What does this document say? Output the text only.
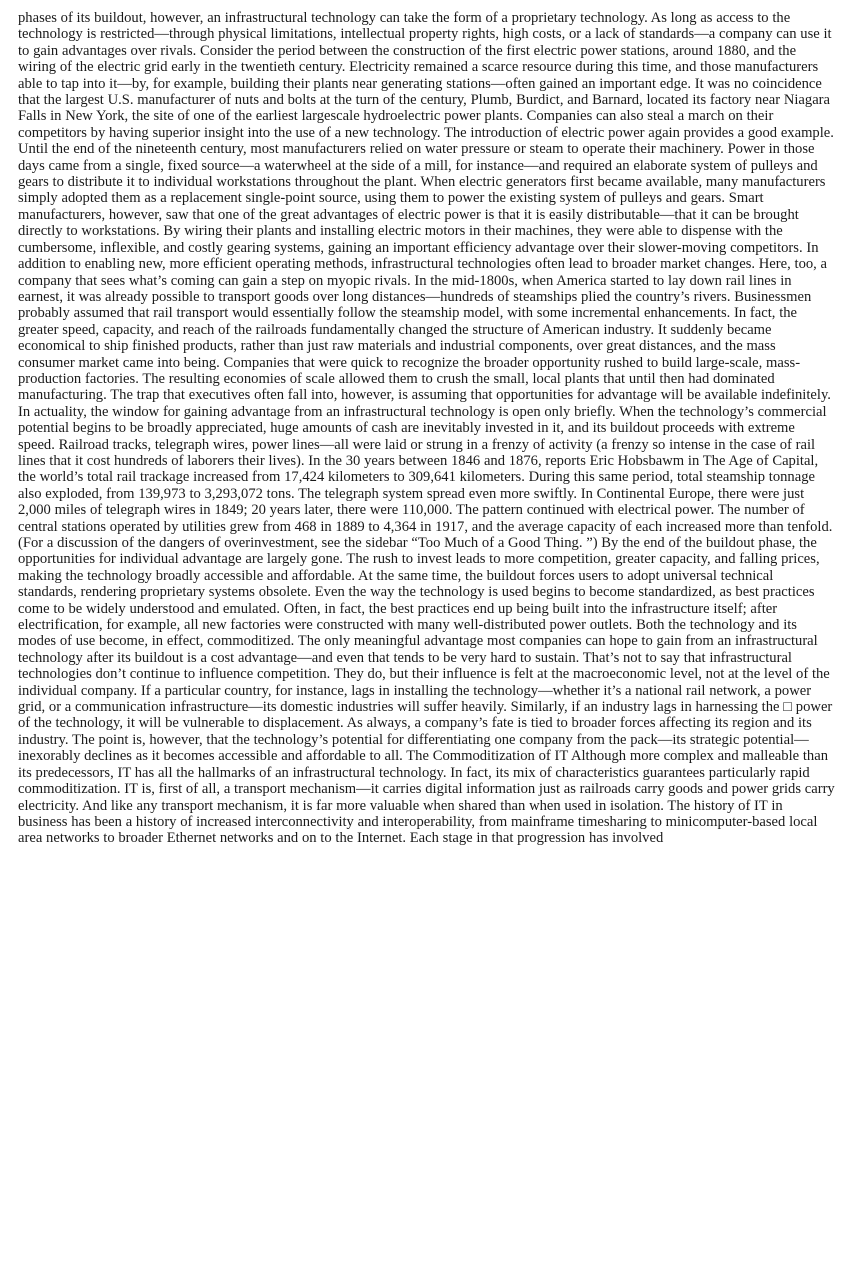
phases of its buildout, however, an infrastructural technology can take the form of a proprietary technology. As long as access to the technology is restricted—through physical limitations, intellectual property rights, high costs, or a lack of standards—a company can use it to gain advantages over rivals. Consider the period between the construction of the first electric power stations, around 1880, and the wiring of the electric grid early in the twentieth century. Electricity remained a scarce resource during this time, and those manufacturers able to tap into it—by, for example, building their plants near generating stations—often gained an important edge. It was no coincidence that the largest U.S. manufacturer of nuts and bolts at the turn of the century, Plumb, Burdict, and Barnard, located its factory near Niagara Falls in New York, the site of one of the earliest largescale hydroelectric power plants. Companies can also steal a march on their competitors by having superior insight into the use of a new technology. The introduction of electric power again provides a good example. Until the end of the nineteenth century, most manufacturers relied on water pressure or steam to operate their machinery. Power in those days came from a single, fixed source—a waterwheel at the side of a mill, for instance—and required an elaborate system of pulleys and gears to distribute it to individual workstations throughout the plant. When electric generators first became available, many manufacturers simply adopted them as a replacement single-point source, using them to power the existing system of pulleys and gears. Smart manufacturers, however, saw that one of the great advantages of electric power is that it is easily distributable—that it can be brought directly to workstations. By wiring their plants and installing electric motors in their machines, they were able to dispense with the cumbersome, inflexible, and costly gearing systems, gaining an important efficiency advantage over their slower-moving competitors. In addition to enabling new, more efficient operating methods, infrastructural technologies often lead to broader market changes. Here, too, a company that sees what’s coming can gain a step on myopic rivals. In the mid-1800s, when America started to lay down rail lines in earnest, it was already possible to transport goods over long distances—hundreds of steamships plied the country’s rivers. Businessmen probably assumed that rail transport would essentially follow the steamship model, with some incremental enhancements. In fact, the greater speed, capacity, and reach of the railroads fundamentally changed the structure of American industry. It suddenly became economical to ship finished products, rather than just raw materials and industrial components, over great distances, and the mass consumer market came into being. Companies that were quick to recognize the broader opportunity rushed to build large-scale, mass-production factories. The resulting economies of scale allowed them to crush the small, local plants that until then had dominated manufacturing. The trap that executives often fall into, however, is assuming that opportunities for advantage will be available indefinitely. In actuality, the window for gaining advantage from an infrastructural technology is open only briefly. When the technology’s commercial potential begins to be broadly appreciated, huge amounts of cash are inevitably invested in it, and its buildout proceeds with extreme speed. Railroad tracks, telegraph wires, power lines—all were laid or strung in a frenzy of activity (a frenzy so intense in the case of rail lines that it cost hundreds of laborers their lives). In the 30 years between 1846 and 1876, reports Eric Hobsbawm in The Age of Capital, the world’s total rail trackage increased from 17,424 kilometers to 309,641 kilometers. During this same period, total steamship tonnage also exploded, from 139,973 to 3,293,072 tons. The telegraph system spread even more swiftly. In Continental Europe, there were just 2,000 miles of telegraph wires in 1849; 20 years later, there were 110,000. The pattern continued with electrical power. The number of central stations operated by utilities grew from 468 in 1889 to 4,364 in 1917, and the average capacity of each increased more than tenfold. (For a discussion of the dangers of overinvestment, see the sidebar “Too Much of a Good Thing. ”) By the end of the buildout phase, the opportunities for individual advantage are largely gone. The rush to invest leads to more competition, greater capacity, and falling prices, making the technology broadly accessible and affordable. At the same time, the buildout forces users to adopt universal technical standards, rendering proprietary systems obsolete. Even the way the technology is used begins to become standardized, as best practices come to be widely understood and emulated. Often, in fact, the best practices end up being built into the infrastructure itself; after electrification, for example, all new factories were constructed with many well-distributed power outlets. Both the technology and its modes of use become, in effect, commoditized. The only meaningful advantage most companies can hope to gain from an infrastructural technology after its buildout is a cost advantage—and even that tends to be very hard to sustain. That’s not to say that infrastructural technologies don’t continue to influence competition. They do, but their influence is felt at the macroeconomic level, not at the level of the individual company. If a particular country, for instance, lags in installing the technology—whether it’s a national rail network, a power grid, or a communication infrastructure—its domestic industries will suffer heavily. Similarly, if an industry lags in harnessing the □ power of the technology, it will be vulnerable to displacement. As always, a company’s fate is tied to broader forces affecting its region and its industry. The point is, however, that the technology’s potential for differentiating one company from the pack—its strategic potential—inexorably declines as it becomes accessible and affordable to all. The Commoditization of IT Although more complex and malleable than its predecessors, IT has all the hallmarks of an infrastructural technology. In fact, its mix of characteristics guarantees particularly rapid commoditization. IT is, first of all, a transport mechanism—it carries digital information just as railroads carry goods and power grids carry electricity. And like any transport mechanism, it is far more valuable when shared than when used in isolation. The history of IT in business has been a history of increased interconnectivity and interoperability, from mainframe timesharing to minicomputer-based local area networks to broader Ethernet networks and on to the Internet. Each stage in that progression has involved
